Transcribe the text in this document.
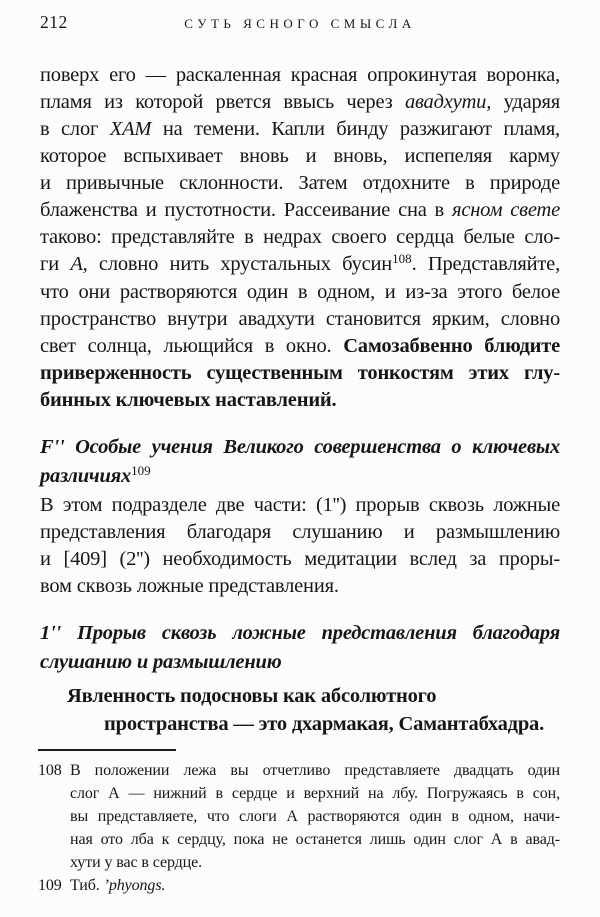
212	СУТЬ ЯСНОГО СМЫСЛА
поверх его — раскаленная красная опрокинутая воронка,
пламя из которой рвется ввысь через авадхути, ударяя
в слог ХАМ на темени. Капли бинду разжигают пламя,
которое вспыхивает вновь и вновь, испепеляя карму
и привычные склонности. Затем отдохните в природе
блаженства и пустотности. Рассеивание сна в ясном свете
таково: представляйте в недрах своего сердца белые сло-
ги А, словно нить хрустальных бусин$^{108}$. Представляйте,
что они растворяются один в одном, и из-за этого белое
пространство внутри авадхути становится ярким, словно
свет солнца, льющийся в окно. Самозабвенно блюдите
приверженность существенным тонкостям этих глу-
бинных ключевых наставлений.
F'' Особые учения Великого совершенства о ключевых
различиях$^{109}$
В этом подразделе две части: (1'') прорыв сквозь ложные
представления благодаря слушанию и размышлению
и [409] (2'') необходимость медитации вслед за проры-
вом сквозь ложные представления.
1'' Прорыв сквозь ложные представления благодаря
слушанию и размышлению
Явленность подосновы как абсолютного
пространства — это дхармакая, Самантабхадра.
108 В положении лежа вы отчетливо представляете двадцать один
слог А — нижний в сердце и верхний на лбу. Погружаясь в сон,
вы представляете, что слоги А растворяются один в одном, начи-
ная ото лба к сердцу, пока не останется лишь один слог А в авад-
хути у вас в сердце.
109 Тиб. ’phyongs.
